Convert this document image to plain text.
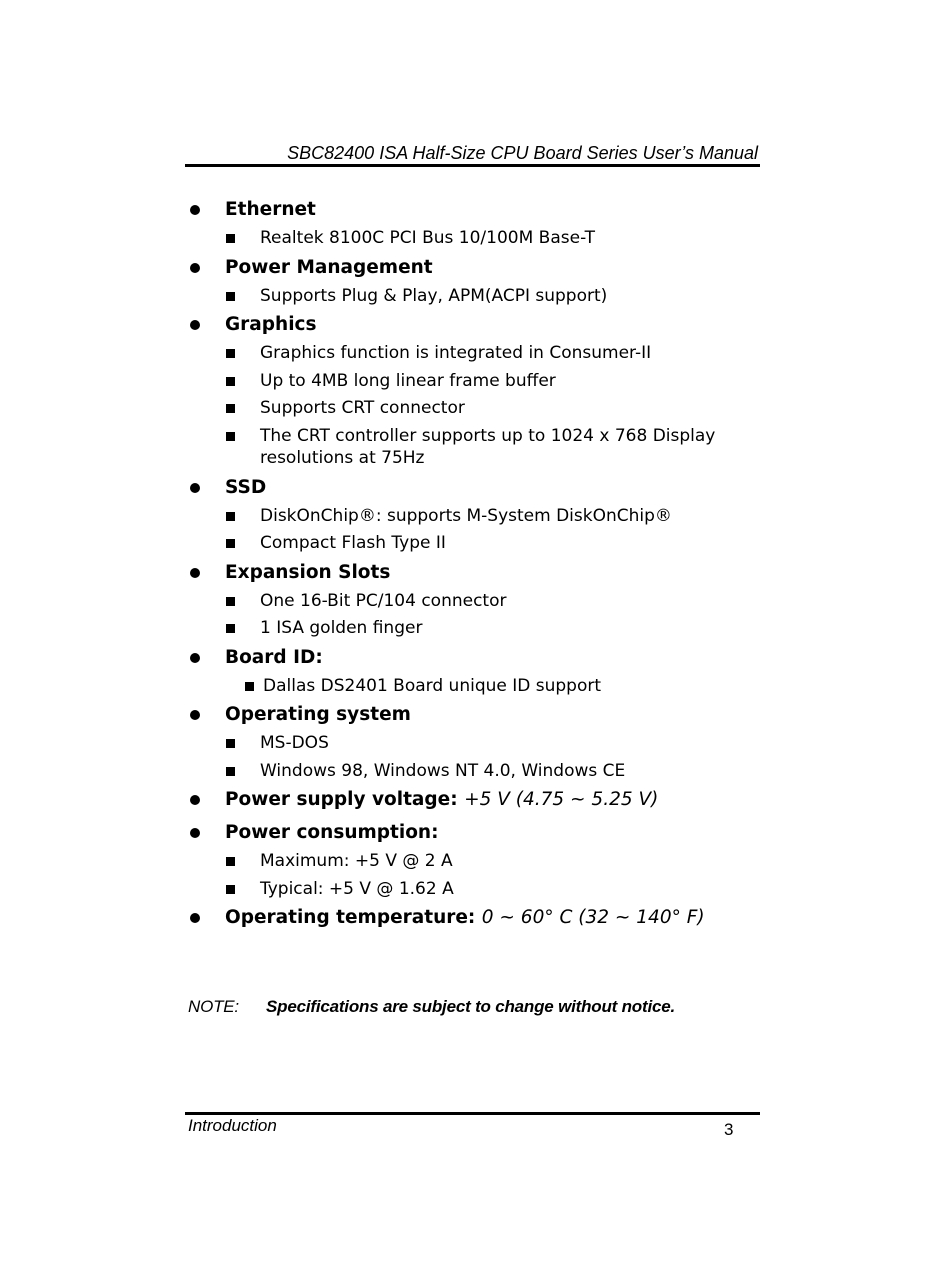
SBC82400 ISA Half-Size CPU Board Series User’s Manual
Ethernet
Realtek 8100C PCI Bus 10/100M Base-T
Power Management
Supports Plug & Play, APM(ACPI support)
Graphics
Graphics function is integrated in Consumer-II
Up to 4MB long linear frame buffer
Supports CRT connector
The CRT controller supports up to 1024 x 768 Display resolutions at 75Hz
SSD
DiskOnChip®: supports M-System DiskOnChip®
Compact Flash Type II
Expansion Slots
One 16-Bit PC/104 connector
1 ISA golden finger
Board ID:
Dallas DS2401 Board unique ID support
Operating system
MS-DOS
Windows 98, Windows NT 4.0, Windows CE
Power supply voltage: +5 V (4.75 ~ 5.25 V)
Power consumption:
Maximum: +5 V @ 2 A
Typical: +5 V @ 1.62 A
Operating temperature: 0 ~ 60° C (32 ~ 140° F)
NOTE: Specifications are subject to change without notice.
Introduction	3
